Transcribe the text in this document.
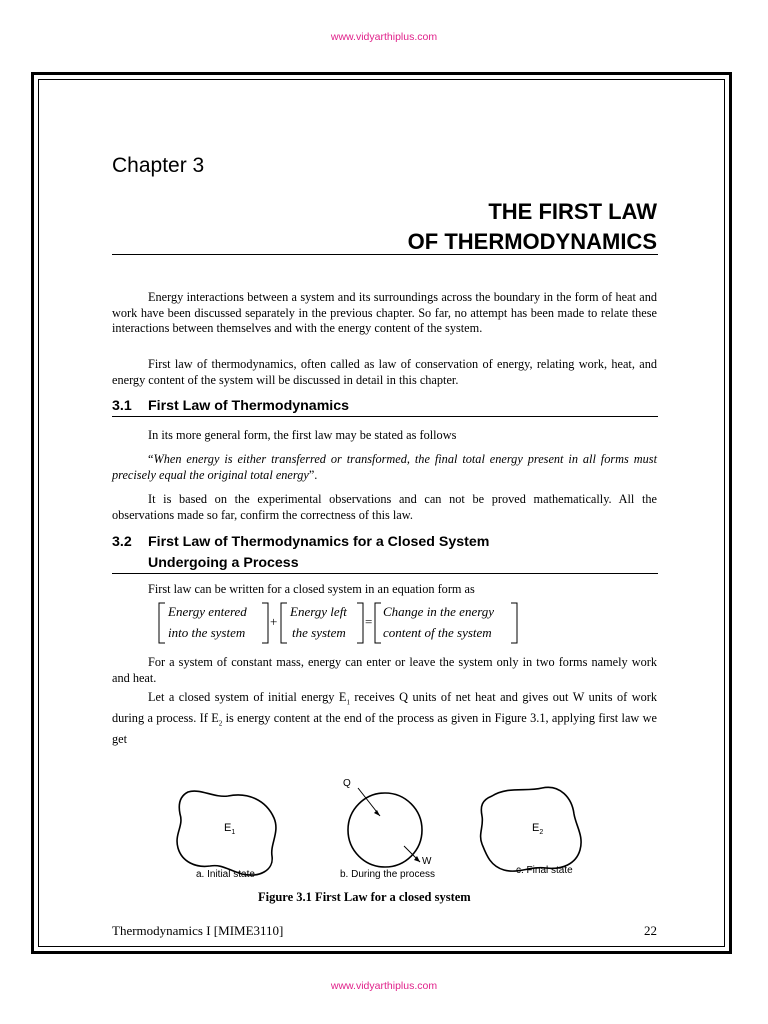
www.vidyarthiplus.com
Chapter 3
THE FIRST LAW
OF THERMODYNAMICS
Energy interactions between a system and its surroundings across the boundary in the form of heat and work have been discussed separately in the previous chapter. So far, no attempt has been made to relate these interactions between themselves and with the energy content of the system.
First law of thermodynamics, often called as law of conservation of energy, relating work, heat, and energy content of the system will be discussed in detail in this chapter.
3.1 First Law of Thermodynamics
In its more general form, the first law may be stated as follows
“When energy is either transferred or transformed, the final total energy present in all forms must precisely equal the original total energy”.
It is based on the experimental observations and can not be proved mathematically. All the observations made so far, confirm the correctness of this law.
3.2 First Law of Thermodynamics for a Closed System
Undergoing a Process
First law can be written for a closed system in an equation form as
Energy entered
into the system
+
Energy left
the system
=
Change in the energy
content of the system
For a system of constant mass, energy can enter or leave the system only in two forms namely work and heat.
Let a closed system of initial energy $E_1$ receives Q units of net heat and gives out W units of work during a process. If $E_2$ is energy content at the end of the process as given in Figure 3.1, applying first law we get
$E_1$
Q
W
$E_2$
a. Initial state	b. During the process	c. Final state
Figure 3.1 First Law for a closed system
Thermodynamics I [MIME3110]	22
www.vidyarthiplus.com
